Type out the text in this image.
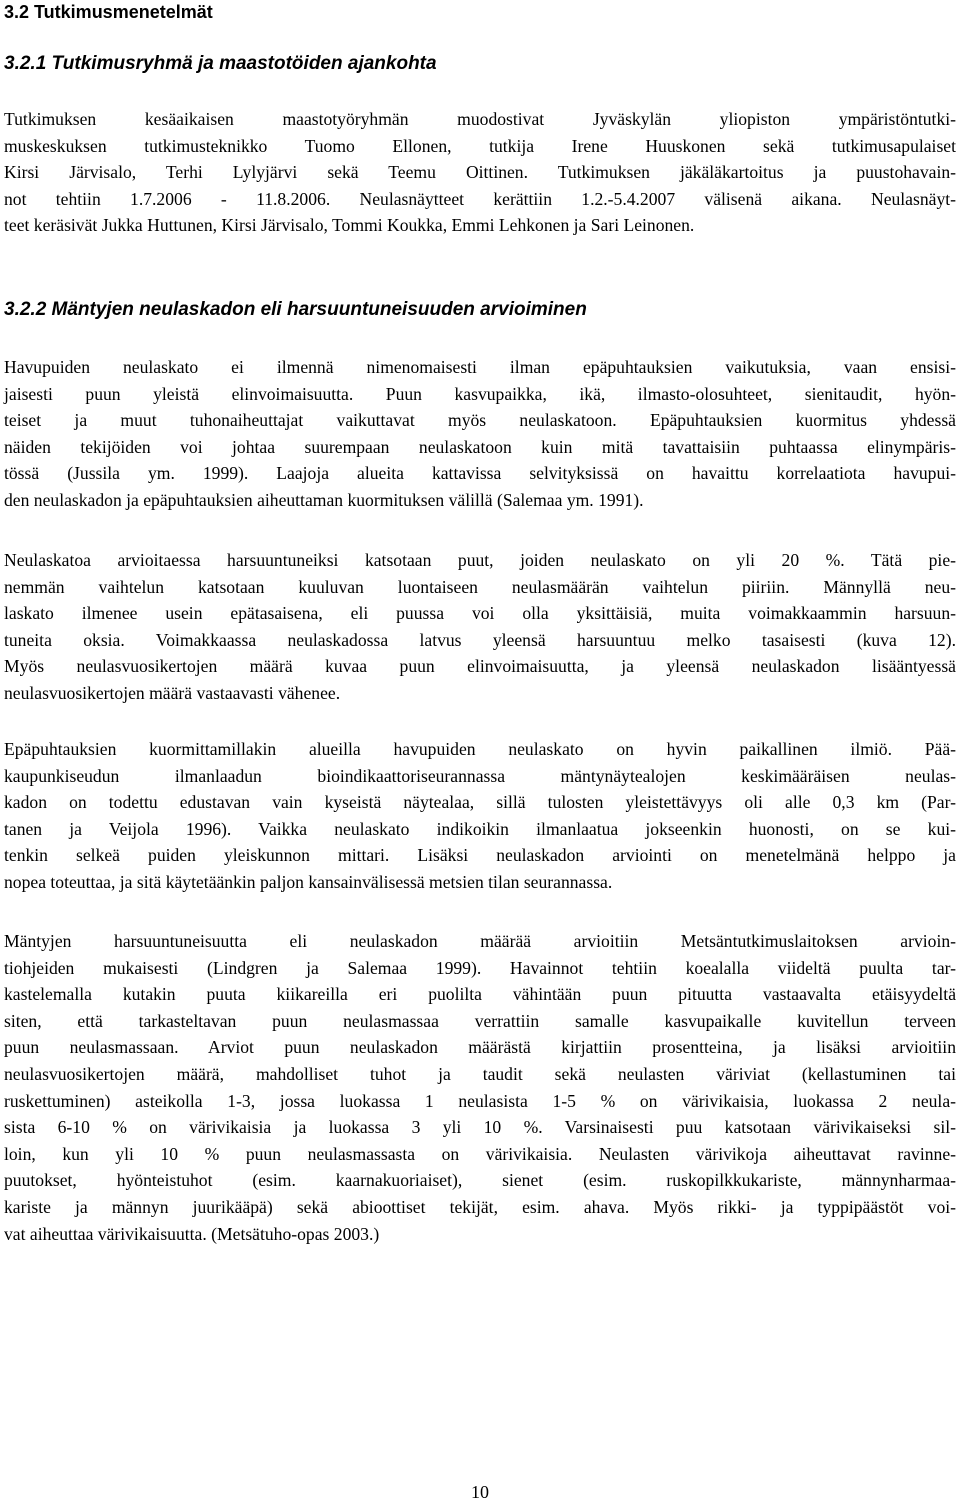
3.2 Tutkimusmenetelmät
3.2.1 Tutkimusryhmä ja maastotöiden ajankohta
Tutkimuksen kesäaikaisen maastotyöryhmän muodostivat Jyväskylän yliopiston ympäristöntutki-
muskeskuksen tutkimusteknikko Tuomo Ellonen, tutkija Irene Huuskonen sekä tutkimusapulaiset
Kirsi Järvisalo, Terhi Lylyjärvi sekä Teemu Oittinen. Tutkimuksen jäkäläkartoitus ja puustohavain-
not tehtiin 1.7.2006 - 11.8.2006. Neulasnäytteet kerättiin 1.2.-5.4.2007 välisenä aikana. Neulasnäyt-
teet keräsivät Jukka Huttunen, Kirsi Järvisalo, Tommi Koukka, Emmi Lehkonen ja Sari Leinonen.
3.2.2 Mäntyjen neulaskadon eli harsuuntuneisuuden arvioiminen
Havupuiden neulaskato ei ilmennä nimenomaisesti ilman epäpuhtauksien vaikutuksia, vaan ensisi-
jaisesti puun yleistä elinvoimaisuutta. Puun kasvupaikka, ikä, ilmasto-olosuhteet, sienitaudit, hyön-
teiset ja muut tuhonaiheuttajat vaikuttavat myös neulaskatoon. Epäpuhtauksien kuormitus yhdessä
näiden tekijöiden voi johtaa suurempaan neulaskatoon kuin mitä tavattaisiin puhtaassa elinympäris-
tössä (Jussila ym. 1999). Laajoja alueita kattavissa selvityksissä on havaittu korrelaatiota havupui-
den neulaskadon ja epäpuhtauksien aiheuttaman kuormituksen välillä (Salemaa ym. 1991).
Neulaskatoa arvioitaessa harsuuntuneiksi katsotaan puut, joiden neulaskato on yli 20 %. Tätä pie-
nemmän vaihtelun katsotaan kuuluvan luontaiseen neulasmäärän vaihtelun piiriin. Männyllä neu-
laskato ilmenee usein epätasaisena, eli puussa voi olla yksittäisiä, muita voimakkaammin harsuun-
tuneita oksia. Voimakkaassa neulaskadossa latvus yleensä harsuuntuu melko tasaisesti (kuva 12).
Myös neulasvuosikertojen määrä kuvaa puun elinvoimaisuutta, ja yleensä neulaskadon lisääntyessä
neulasvuosikertojen määrä vastaavasti vähenee.
Epäpuhtauksien kuormittamillakin alueilla havupuiden neulaskato on hyvin paikallinen ilmiö. Pää-
kaupunkiseudun ilmanlaadun bioindikaattoriseurannassa mäntynäytealojen keskimääräisen neulas-
kadon on todettu edustavan vain kyseistä näytealaa, sillä tulosten yleistettävyys oli alle 0,3 km (Par-
tanen ja Veijola 1996). Vaikka neulaskato indikoikin ilmanlaatua jokseenkin huonosti, on se kui-
tenkin selkeä puiden yleiskunnon mittari. Lisäksi neulaskadon arviointi on menetelmänä helppo ja
nopea toteuttaa, ja sitä käytetäänkin paljon kansainvälisessä metsien tilan seurannassa.
Mäntyjen harsuuntuneisuutta eli neulaskadon määrää arvioitiin Metsäntutkimuslaitoksen arvioin-
tiohjeiden mukaisesti (Lindgren ja Salemaa 1999). Havainnot tehtiin koealalla viideltä puulta tar-
kastelemalla kutakin puuta kiikareilla eri puolilta vähintään puun pituutta vastaavalta etäisyydeltä
siten, että tarkasteltavan puun neulasmassaa verrattiin samalle kasvupaikalle kuvitellun terveen
puun neulasmassaan. Arviot puun neulaskadon määrästä kirjattiin prosentteina, ja lisäksi arvioitiin
neulasvuosikertojen määrä, mahdolliset tuhot ja taudit sekä neulasten väriviat (kellastuminen tai
ruskettuminen) asteikolla 1-3, jossa luokassa 1 neulasista 1-5 % on värivikaisia, luokassa 2 neula-
sista 6-10 % on värivikaisia ja luokassa 3 yli 10 %. Varsinaisesti puu katsotaan värivikaiseksi sil-
loin, kun yli 10 % puun neulasmassasta on värivikaisia. Neulasten värivikoja aiheuttavat ravinne-
puutokset, hyönteistuhot (esim. kaarnakuoriaiset), sienet (esim. ruskopilkkukariste, männynharmaa-
kariste ja männyn juurikääpä) sekä abioottiset tekijät, esim. ahava. Myös rikki- ja typpipäästöt voi-
vat aiheuttaa värivikaisuutta. (Metsätuho-opas 2003.)
10
